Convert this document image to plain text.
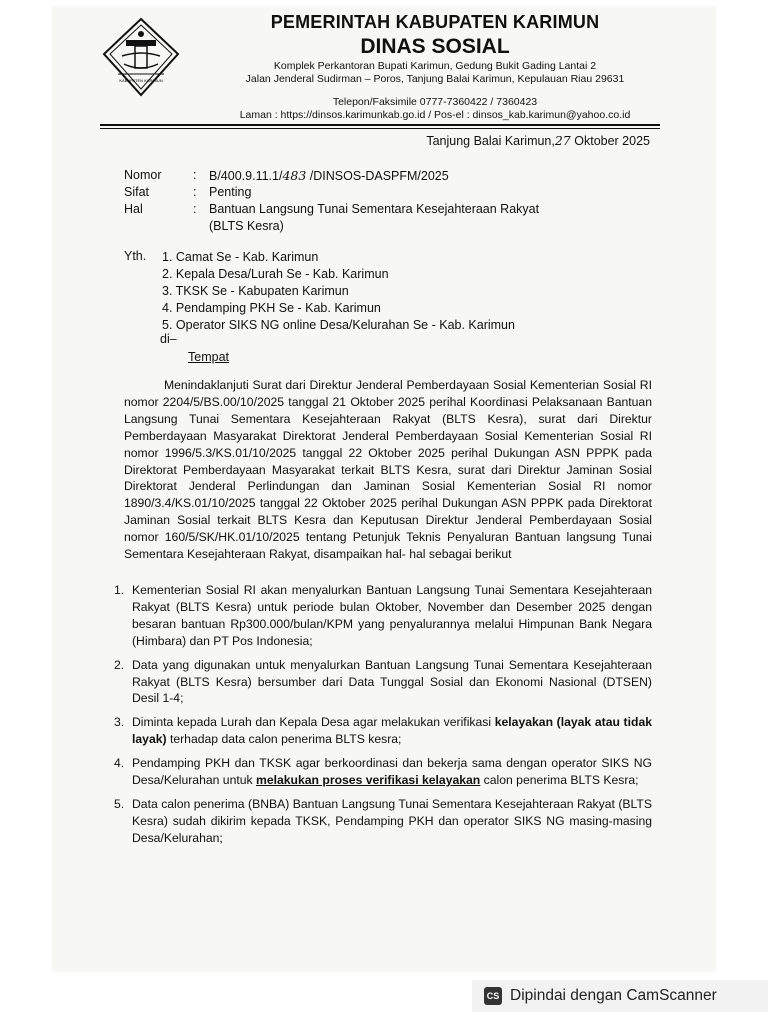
KABUPATEN KARIMUN
PEMERINTAH KABUPATEN KARIMUN
DINAS SOSIAL
Komplek Perkantoran Bupati Karimun, Gedung Bukit Gading Lantai 2
Jalan Jenderal Sudirman – Poros, Tanjung Balai Karimun, Kepulauan Riau 29631
Telepon/Faksimile 0777-7360422 / 7360423
Laman : https://dinsos.karimunkab.go.id / Pos-el : dinsos_kab.karimun@yahoo.co.id
Tanjung Balai Karimun,27 Oktober 2025
Nomor	: B/400.9.11.1/483 /DINSOS-DASPFM/2025
Sifat	: Penting
Hal	: Bantuan Langsung Tunai Sementara Kesejahteraan Rakyat
(BLTS Kesra)
Yth. 1. Camat Se - Kab. Karimun
2. Kepala Desa/Lurah Se - Kab. Karimun
3. TKSK Se - Kabupaten Karimun
4. Pendamping PKH Se - Kab. Karimun
5. Operator SIKS NG online Desa/Kelurahan Se - Kab. Karimun
di–
Tempat
Menindaklanjuti Surat dari Direktur Jenderal Pemberdayaan Sosial Kementerian Sosial RI nomor 2204/5/BS.00/10/2025 tanggal 21 Oktober 2025 perihal Koordinasi Pelaksanaan Bantuan Langsung Tunai Sementara Kesejahteraan Rakyat (BLTS Kesra), surat dari Direktur Pemberdayaan Masyarakat Direktorat Jenderal Pemberdayaan Sosial Kementerian Sosial RI nomor 1996/5.3/KS.01/10/2025 tanggal 22 Oktober 2025 perihal Dukungan ASN PPPK pada Direktorat Pemberdayaan Masyarakat terkait BLTS Kesra, surat dari Direktur Jaminan Sosial Direktorat Jenderal Perlindungan dan Jaminan Sosial Kementerian Sosial RI nomor 1890/3.4/KS.01/10/2025 tanggal 22 Oktober 2025 perihal Dukungan ASN PPPK pada Direktorat Jaminan Sosial terkait BLTS Kesra dan Keputusan Direktur Jenderal Pemberdayaan Sosial nomor 160/5/SK/HK.01/10/2025 tentang Petunjuk Teknis Penyaluran Bantuan langsung Tunai Sementara Kesejahteraan Rakyat, disampaikan hal- hal sebagai berikut
1. Kementerian Sosial RI akan menyalurkan Bantuan Langsung Tunai Sementara Kesejahteraan Rakyat (BLTS Kesra) untuk periode bulan Oktober, November dan Desember 2025 dengan besaran bantuan Rp300.000/bulan/KPM yang penyalurannya melalui Himpunan Bank Negara (Himbara) dan PT Pos Indonesia;
2. Data yang digunakan untuk menyalurkan Bantuan Langsung Tunai Sementara Kesejahteraan Rakyat (BLTS Kesra) bersumber dari Data Tunggal Sosial dan Ekonomi Nasional (DTSEN) Desil 1-4;
3. Diminta kepada Lurah dan Kepala Desa agar melakukan verifikasi kelayakan (layak atau tidak layak) terhadap data calon penerima BLTS kesra;
4. Pendamping PKH dan TKSK agar berkoordinasi dan bekerja sama dengan operator SIKS NG Desa/Kelurahan untuk melakukan proses verifikasi kelayakan calon penerima BLTS Kesra;
5. Data calon penerima (BNBA) Bantuan Langsung Tunai Sementara Kesejahteraan Rakyat (BLTS Kesra) sudah dikirim kepada TKSK, Pendamping PKH dan operator SIKS NG masing-masing Desa/Kelurahan;
CS Dipindai dengan CamScanner
